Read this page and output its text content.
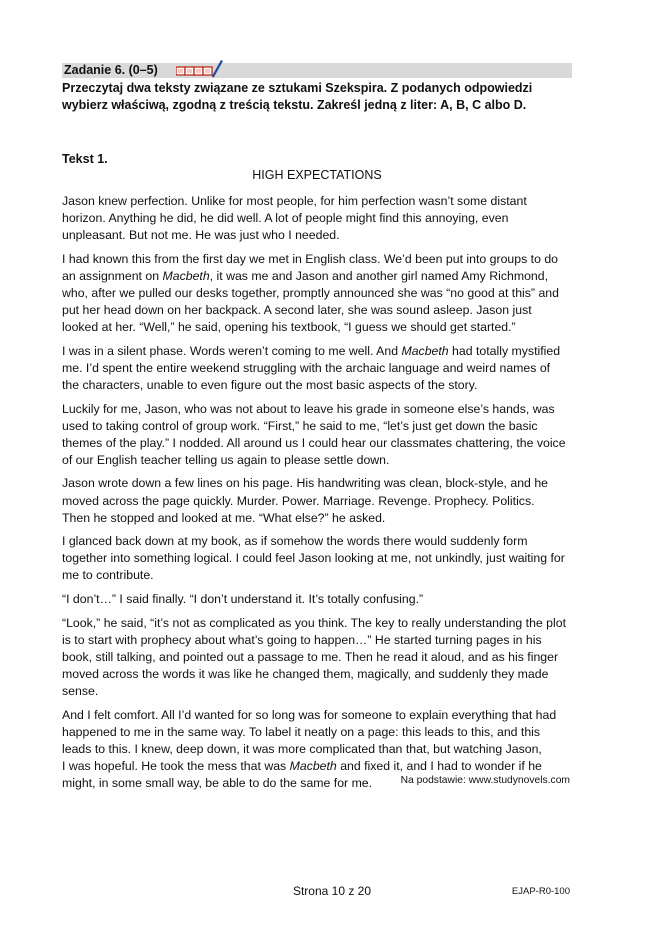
Zadanie 6. (0–5)
Przeczytaj dwa teksty związane ze sztukami Szekspira. Z podanych odpowiedzi
wybierz właściwą, zgodną z treścią tekstu. Zakreśl jedną z liter: A, B, C albo D.
Tekst 1.
HIGH EXPECTATIONS
Jason knew perfection. Unlike for most people, for him perfection wasn’t some distant
horizon. Anything he did, he did well. A lot of people might find this annoying, even
unpleasant. But not me. He was just who I needed.
I had known this from the first day we met in English class. We’d been put into groups to do
an assignment on Macbeth, it was me and Jason and another girl named Amy Richmond,
who, after we pulled our desks together, promptly announced she was “no good at this” and
put her head down on her backpack. A second later, she was sound asleep. Jason just
looked at her. “Well,” he said, opening his textbook, “I guess we should get started.”
I was in a silent phase. Words weren’t coming to me well. And Macbeth had totally mystified
me. I’d spent the entire weekend struggling with the archaic language and weird names of
the characters, unable to even figure out the most basic aspects of the story.
Luckily for me, Jason, who was not about to leave his grade in someone else’s hands, was
used to taking control of group work. “First,” he said to me, “let’s just get down the basic
themes of the play.” I nodded. All around us I could hear our classmates chattering, the voice
of our English teacher telling us again to please settle down.
Jason wrote down a few lines on his page. His handwriting was clean, block-style, and he
moved across the page quickly. Murder. Power. Marriage. Revenge. Prophecy. Politics.
Then he stopped and looked at me. “What else?” he asked.
I glanced back down at my book, as if somehow the words there would suddenly form
together into something logical. I could feel Jason looking at me, not unkindly, just waiting for
me to contribute.
“I don’t…” I said finally. “I don’t understand it. It’s totally confusing.”
“Look,” he said, “it’s not as complicated as you think. The key to really understanding the plot
is to start with prophecy about what’s going to happen…” He started turning pages in his
book, still talking, and pointed out a passage to me. Then he read it aloud, and as his finger
moved across the words it was like he changed them, magically, and suddenly they made
sense.
And I felt comfort. All I’d wanted for so long was for someone to explain everything that had
happened to me in the same way. To label it neatly on a page: this leads to this, and this
leads to this. I knew, deep down, it was more complicated than that, but watching Jason,
I was hopeful. He took the mess that was Macbeth and fixed it, and I had to wonder if he
might, in some small way, be able to do the same for me.	Na podstawie: www.studynovels.com
Strona 10 z 20	EJAP-R0-100
